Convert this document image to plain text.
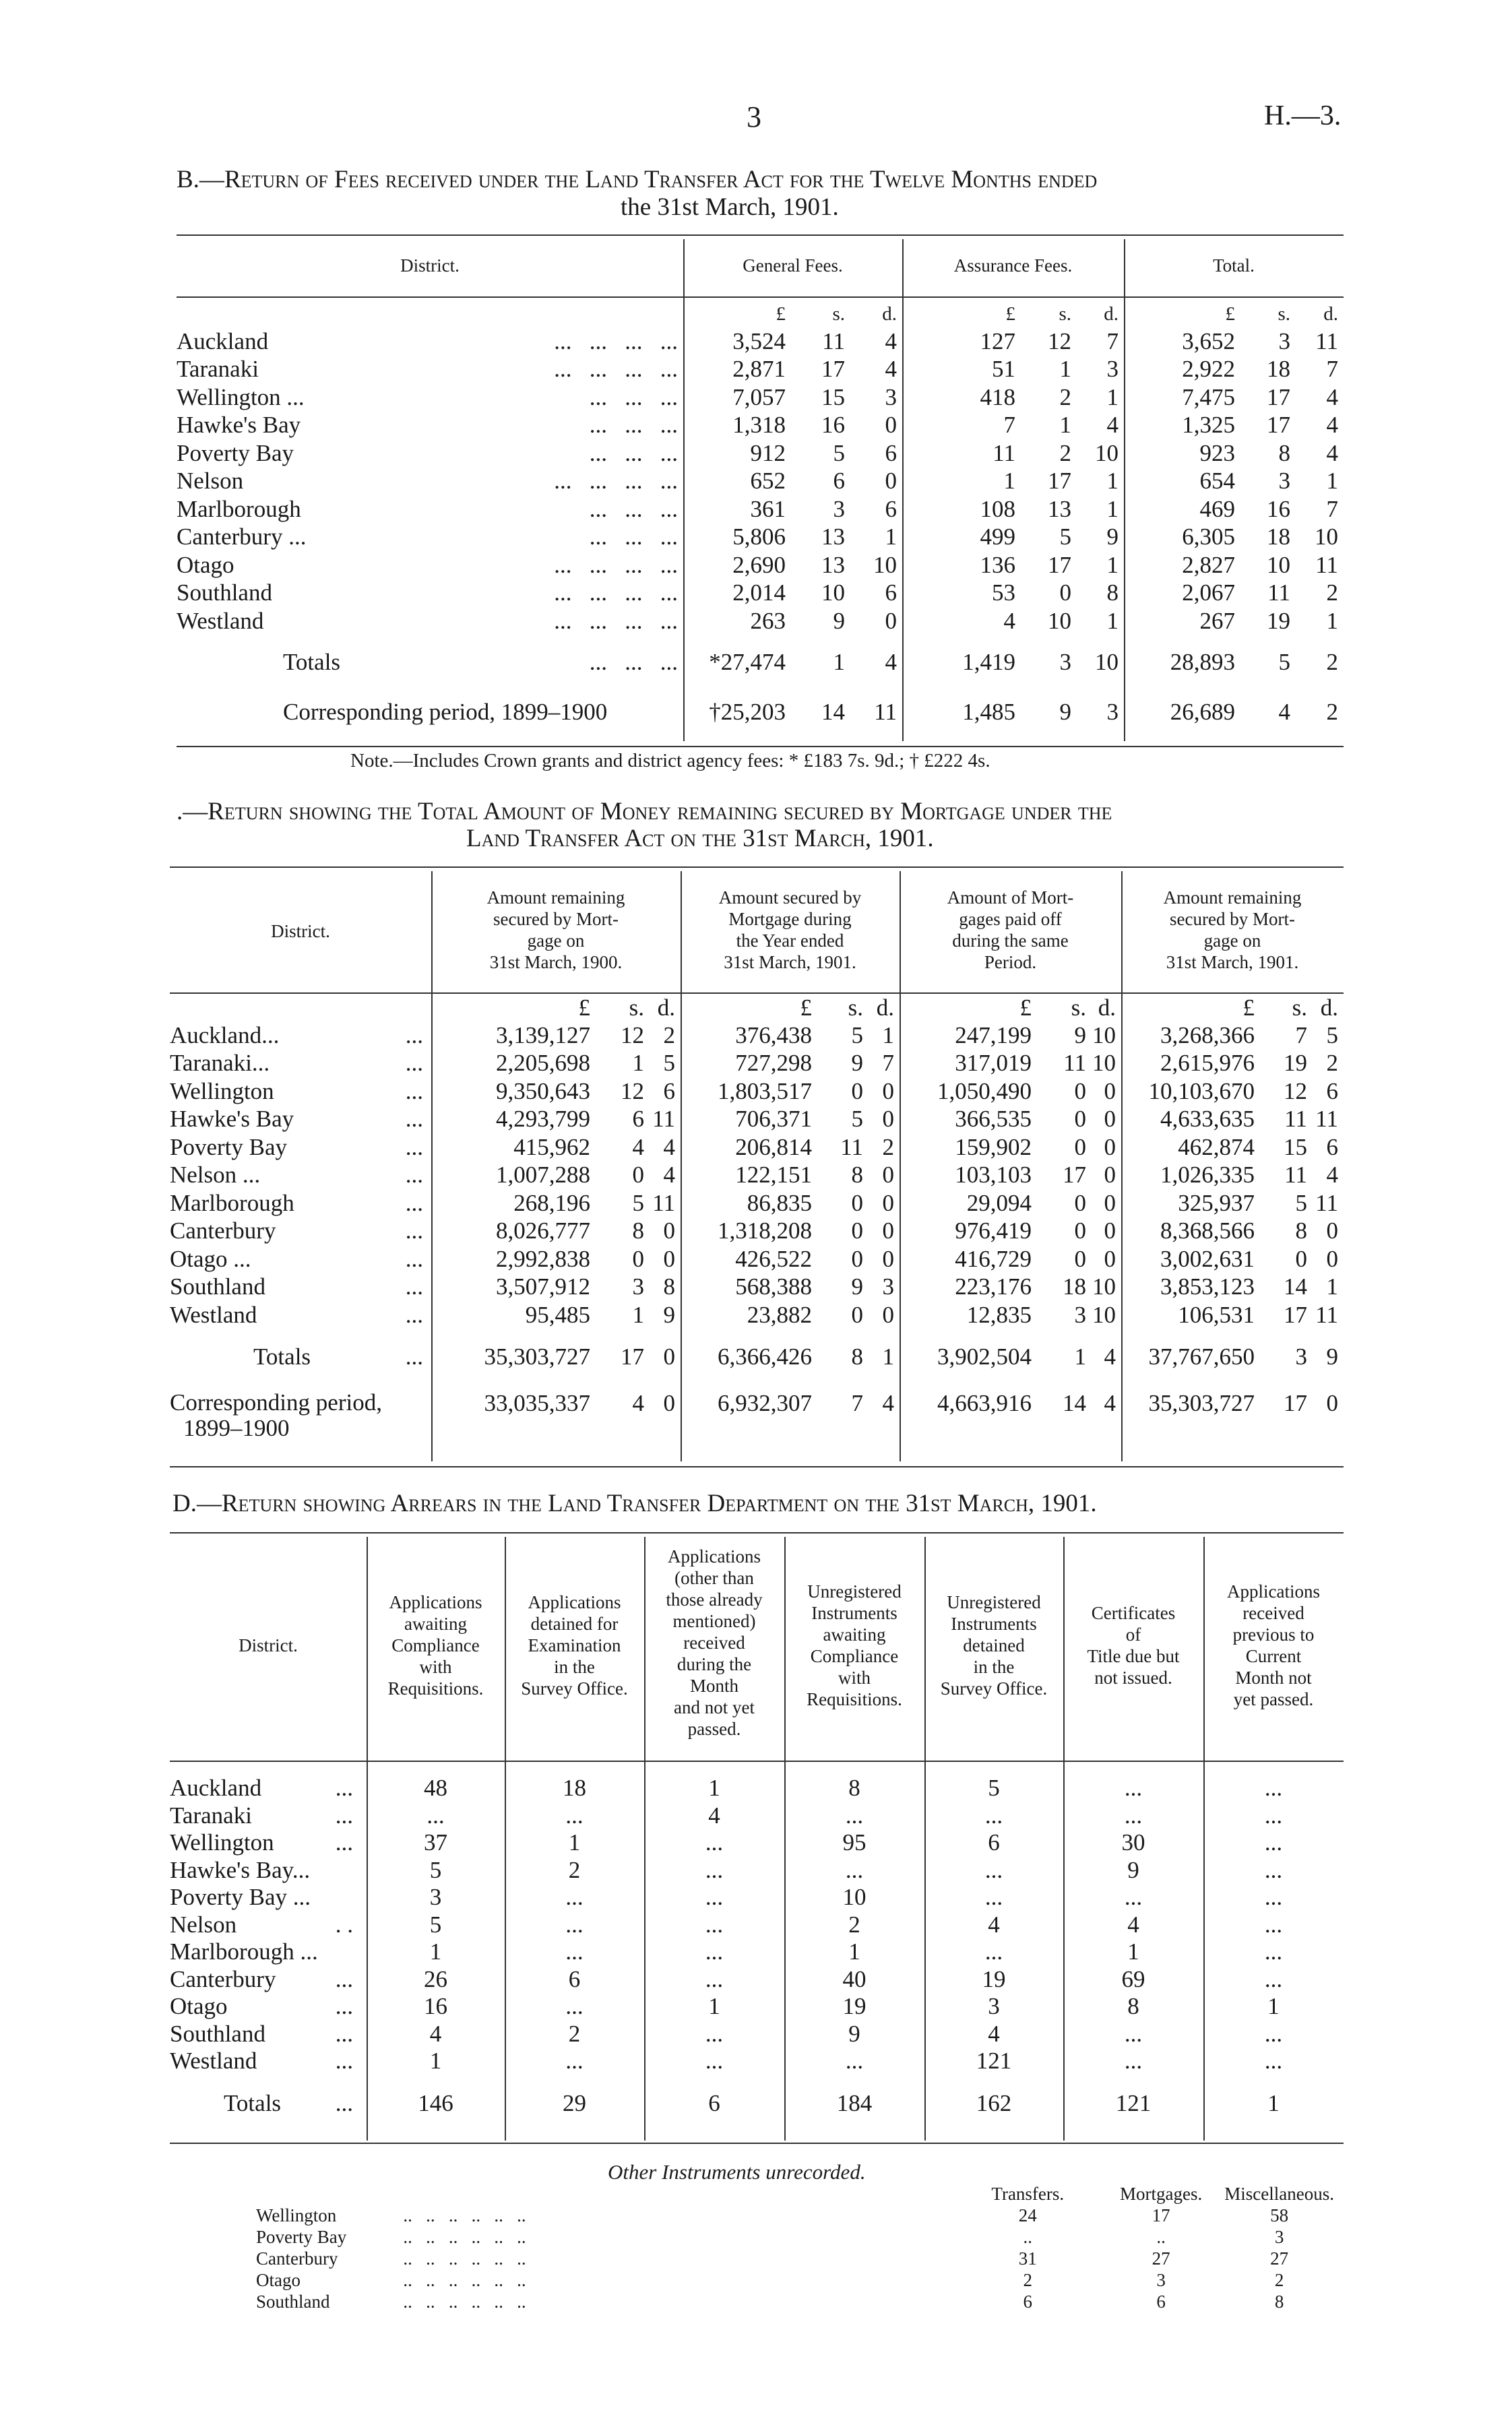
3	H.—3.
B.—Return of Fees received under the Land Transfer Act for the Twelve Months ended
the 31st March, 1901.
District.	General Fees.	Assurance Fees.	Total.
	£	s.	d.	£	s.	d.	£	s.	d.
Auckland ...   ...   ...   ...	3,524	11	4	127	12	7	3,652	3	11
Taranaki ...   ...   ...   ...	2,871	17	4	51	1	3	2,922	18	7
Wellington ... ...   ...   ...	7,057	15	3	418	2	1	7,475	17	4
Hawke's Bay ...   ...   ...	1,318	16	0	7	1	4	1,325	17	4
Poverty Bay ...   ...   ...	912	5	6	11	2	10	923	8	4
Nelson ...   ...   ...   ...	652	6	0	1	17	1	654	3	1
Marlborough ...   ...   ...	361	3	6	108	13	1	469	16	7
Canterbury ... ...   ...   ...	5,806	13	1	499	5	9	6,305	18	10
Otago ...   ...   ...   ...	2,690	13	10	136	17	1	2,827	10	11
Southland ...   ...   ...   ...	2,014	10	6	53	0	8	2,067	11	2
Westland ...   ...   ...   ...	263	9	0	4	10	1	267	19	1
Totals ...   ...   ...	*27,474	1	4	1,419	3	10	28,893	5	2
Corresponding period, 1899–1900	†25,203	14	11	1,485	9	3	26,689	4	2
Note.—Includes Crown grants and district agency fees: * £183 7s. 9d.; † £222 4s.
.—Return showing the Total Amount of Money remaining secured by Mortgage under the
Land Transfer Act on the 31st March, 1901.
District.
Amount remaining
secured by Mort-
gage on
31st March, 1900.
Amount secured by
Mortgage during
the Year ended
31st March, 1901.
Amount of Mort-
gages paid off
during the same
Period.
Amount remaining
secured by Mort-
gage on
31st March, 1901.
	£	s.	d.	£	s.	d.	£	s.	d.	£	s.	d.
Auckland... ...	3,139,127	12	2	376,438	5	1	247,199	9	10	3,268,366	7	5
Taranaki... ...	2,205,698	1	5	727,298	9	7	317,019	11	10	2,615,976	19	2
Wellington ...	9,350,643	12	6	1,803,517	0	0	1,050,490	0	0	10,103,670	12	6
Hawke's Bay ...	4,293,799	6	11	706,371	5	0	366,535	0	0	4,633,635	11	11
Poverty Bay ...	415,962	4	4	206,814	11	2	159,902	0	0	462,874	15	6
Nelson ... ...	1,007,288	0	4	122,151	8	0	103,103	17	0	1,026,335	11	4
Marlborough ...	268,196	5	11	86,835	0	0	29,094	0	0	325,937	5	11
Canterbury ...	8,026,777	8	0	1,318,208	0	0	976,419	0	0	8,368,566	8	0
Otago ... ...	2,992,838	0	0	426,522	0	0	416,729	0	0	3,002,631	0	0
Southland ...	3,507,912	3	8	568,388	9	3	223,176	18	10	3,853,123	14	1
Westland ...	95,485	1	9	23,882	0	0	12,835	3	10	106,531	17	11
Totals ...	35,303,727	17	0	6,366,426	8	1	3,902,504	1	4	37,767,650	3	9

Corresponding period,
1899–1900	33,035,337	4	0	6,932,307	7	4	4,663,916	14	4	35,303,727	17	0
D.—Return showing Arrears in the Land Transfer Department on the 31st March, 1901.
District.
Applications
awaiting
Compliance
with
Requisitions.
Applications
detained for
Examination
in the
Survey Office.
Applications
(other than
those already
mentioned)
received
during the
Month
and not yet
passed.
Unregistered
Instruments
awaiting
Compliance
with
Requisitions.
Unregistered
Instruments
detained
in the
Survey Office.
Certificates
of
Title due but
not issued.
Applications
received
previous to
Current
Month not
yet passed.
Auckland ...	48	18	1	8	5	...	...
Taranaki ...	...	...	4	...	...	...	...
Wellington ...	37	1	...	95	6	30	...
Hawke's Bay...	5	2	...	...	...	9	...
Poverty Bay ...	3	...	...	10	...	...	...
Nelson . .	5	...	...	2	4	4	...
Marlborough ...	1	...	...	1	...	1	...
Canterbury ...	26	6	...	40	19	69	...
Otago ...	16	...	1	19	3	8	1
Southland ...	4	2	...	9	4	...	...
Westland ...	1	...	...	...	121	...	...
Totals ...	146	29	6	184	162	121	1
Other Instruments unrecorded.
		Transfers.	Mortgages.	Miscellaneous.
Wellington	..   ..   ..   ..   ..   ..	24	17	58
Poverty Bay	..   ..   ..   ..   ..   ..	..	..	3
Canterbury	..   ..   ..   ..   ..   ..	31	27	27
Otago	..   ..   ..   ..   ..   ..	2	3	2
Southland	..   ..   ..   ..   ..   ..	6	6	8
